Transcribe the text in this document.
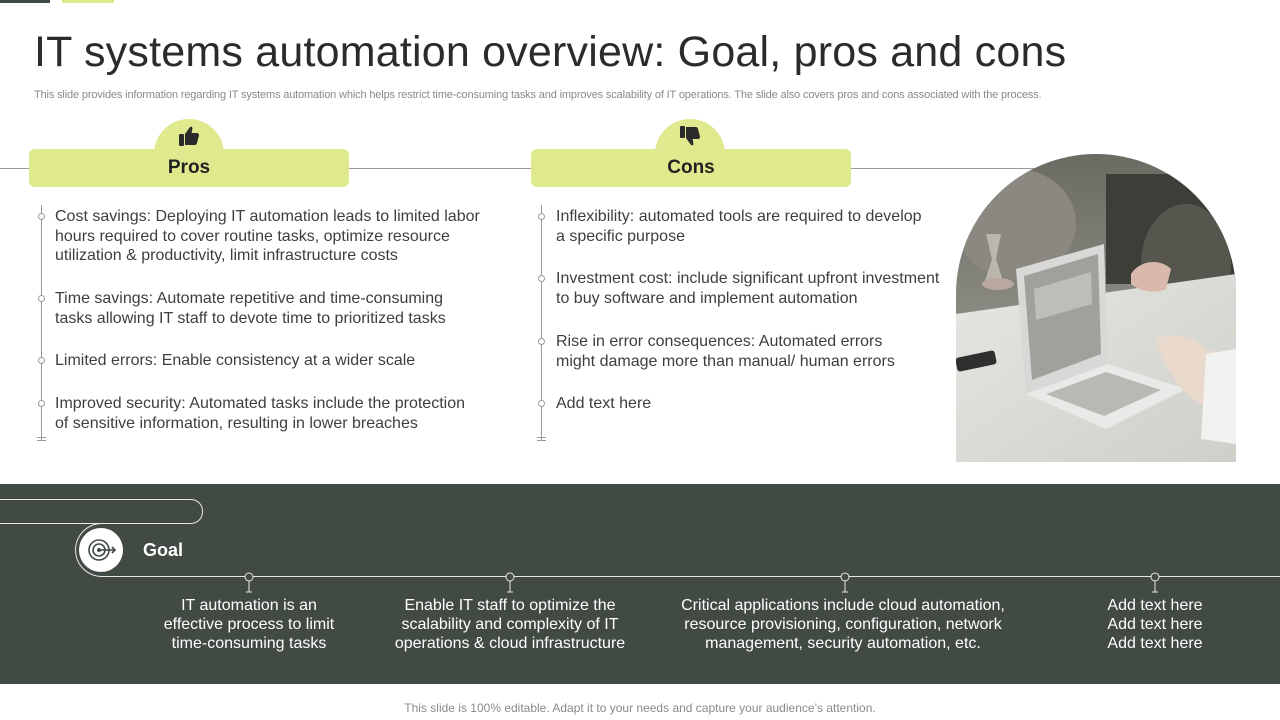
IT systems automation overview: Goal, pros and cons

This slide provides information regarding IT systems automation which helps restrict time-consuming tasks and improves scalability of IT operations. The slide also covers pros and cons associated with the process.

Pros	Cons
Cost savings: Deploying IT automation leads to limited labor
hours required to cover routine tasks, optimize resource
utilization & productivity, limit infrastructure costs
Time savings: Automate repetitive and time-consuming
tasks allowing IT staff to devote time to prioritized tasks
Limited errors: Enable consistency at a wider scale
Improved security: Automated tasks include the protection
of sensitive information, resulting in lower breaches
Inflexibility: automated tools are required to develop
a specific purpose
Investment cost: include significant upfront investment
to buy software and implement automation
Rise in error consequences: Automated errors
might damage more than manual/ human errors
Add text here
Goal
IT automation is an
effective process to limit
time-consuming tasks
Enable IT staff to optimize the
scalability and complexity of IT
operations & cloud infrastructure
Critical applications include cloud automation,
resource provisioning, configuration, network
management, security automation, etc.
Add text here
Add text here
Add text here
This slide is 100% editable. Adapt it to your needs and capture your audience’s attention.
